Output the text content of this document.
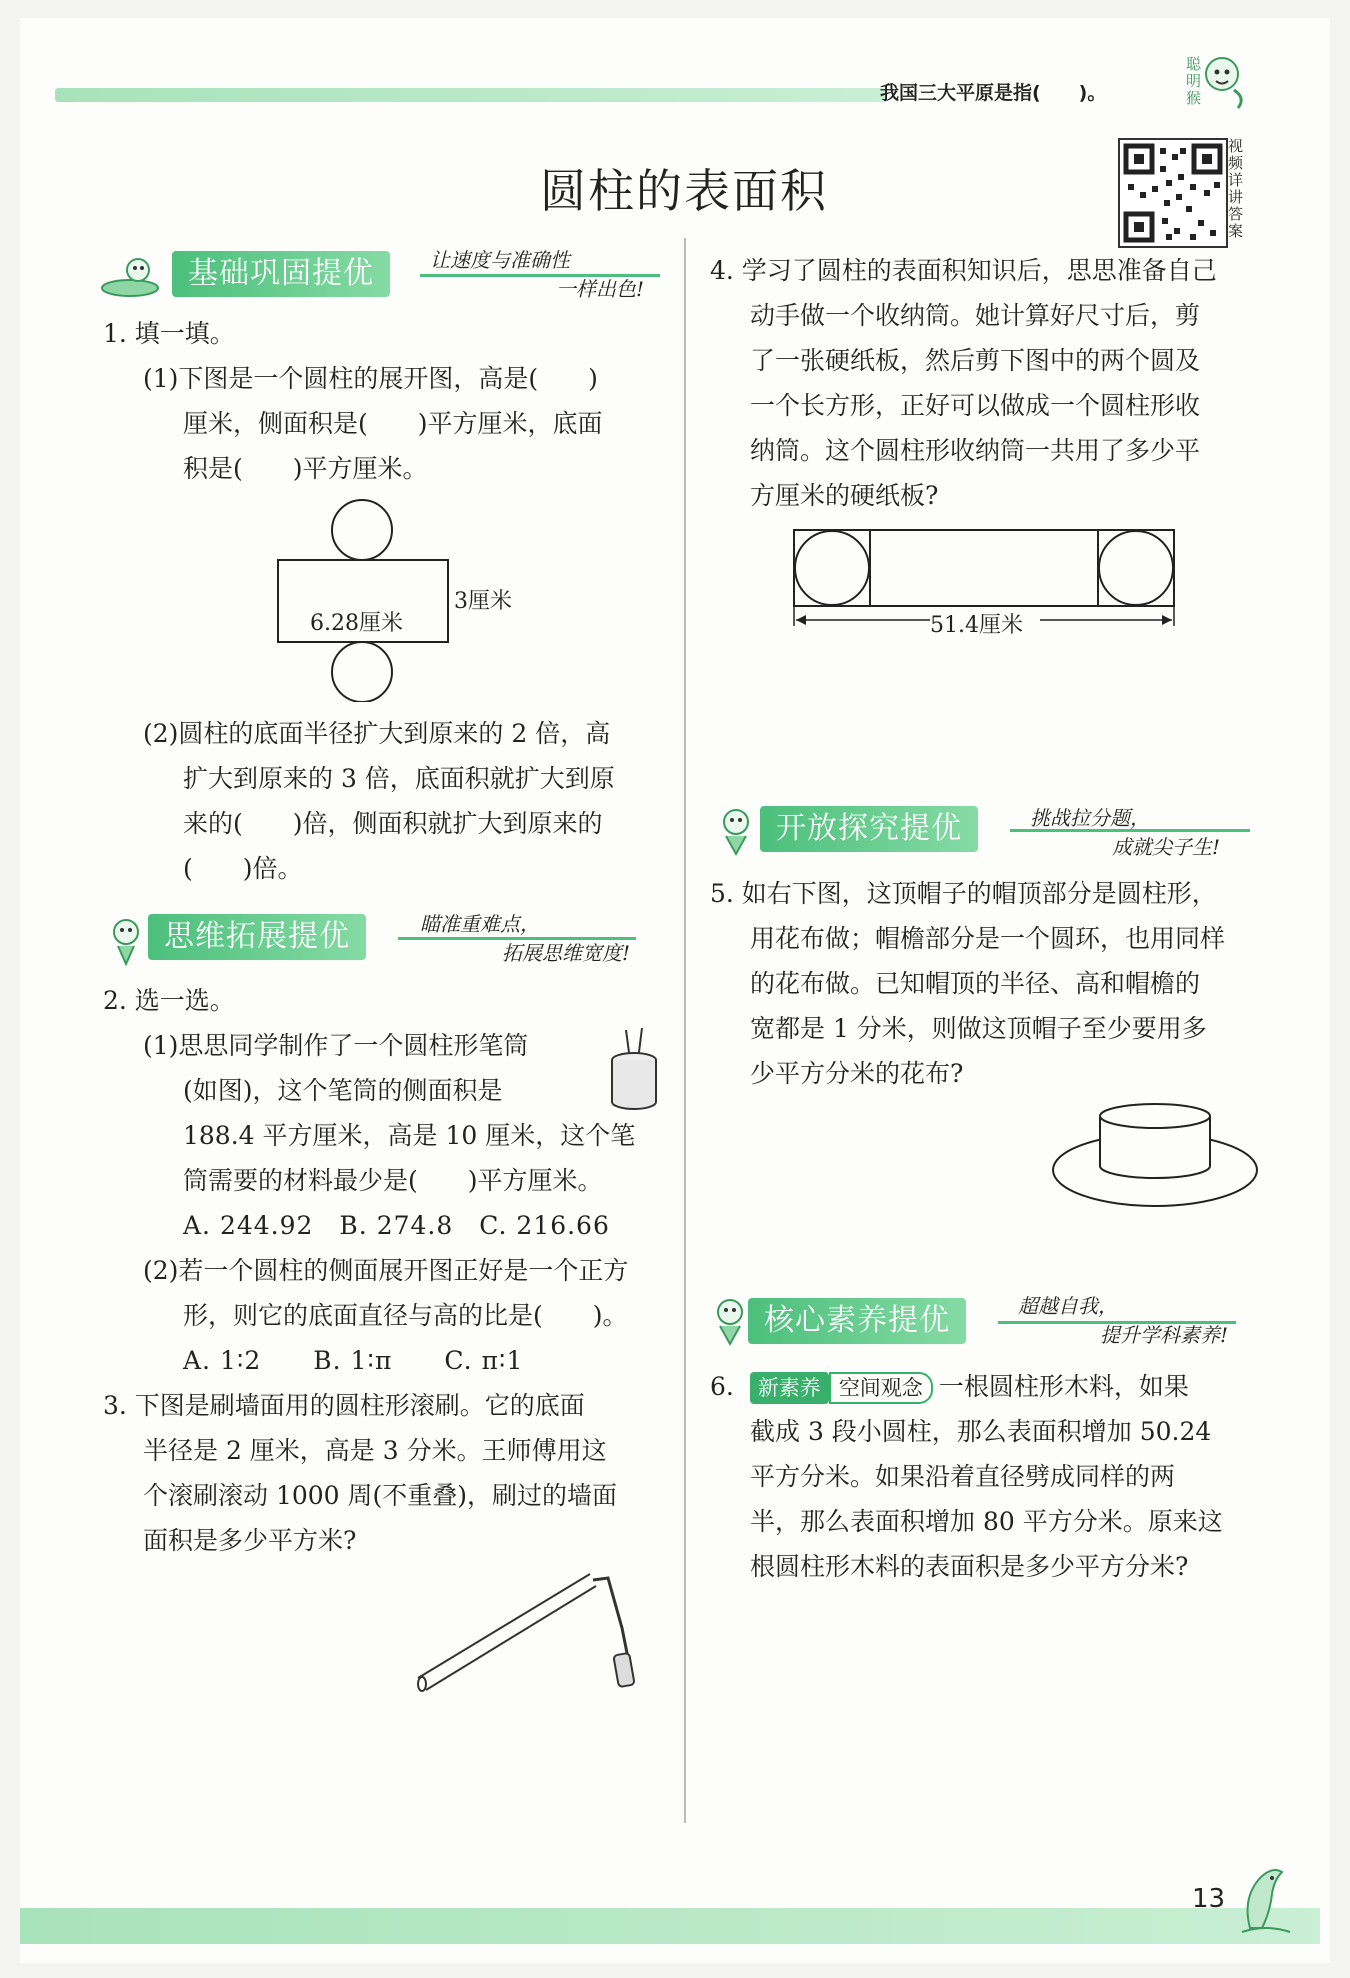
我国三大平原是指(　　)。
聪明猴
圆柱的表面积
视频详讲答案
基础巩固提优	让速度与准确性
一样出色!

1. 填一填。

(1)下图是一个圆柱的展开图，高是(　　)

厘米，侧面积是(　　)平方厘米，底面

积是(　　)平方厘米。

6.28厘米
3厘米

(2)圆柱的底面半径扩大到原来的 2 倍，高

扩大到原来的 3 倍，底面积就扩大到原

来的(　　)倍，侧面积就扩大到原来的

(　　)倍。

思维拓展提优	瞄准重难点，
拓展思维宽度!

2. 选一选。

(1)思思同学制作了一个圆柱形笔筒

(如图)，这个笔筒的侧面积是

188.4 平方厘米，高是 10 厘米，这个笔

筒需要的材料最少是(　　)平方厘米。

A. 244.92　B. 274.8　C. 216.66

(2)若一个圆柱的侧面展开图正好是一个正方

形，则它的底面直径与高的比是(　　)。

A. 1∶2　　B. 1∶π　　C. π∶1

3. 下图是刷墙面用的圆柱形滚刷。它的底面

半径是 2 厘米，高是 3 分米。王师傅用这

个滚刷滚动 1000 周(不重叠)，刷过的墙面

面积是多少平方米?

4. 学习了圆柱的表面积知识后，思思准备自己

动手做一个收纳筒。她计算好尺寸后，剪

了一张硬纸板，然后剪下图中的两个圆及

一个长方形，正好可以做成一个圆柱形收

纳筒。这个圆柱形收纳筒一共用了多少平

方厘米的硬纸板?

51.4厘米
开放探究提优	挑战拉分题，
成就尖子生!

5. 如右下图，这顶帽子的帽顶部分是圆柱形，

用花布做；帽檐部分是一个圆环，也用同样

的花布做。已知帽顶的半径、高和帽檐的

宽都是 1 分米，则做这顶帽子至少要用多

少平方分米的花布?

核心素养提优	超越自我，
提升学科素养!

6. 新素养 空间观念 一根圆柱形木料，如果

截成 3 段小圆柱，那么表面积增加 50.24

平方分米。如果沿着直径劈成同样的两

半，那么表面积增加 80 平方分米。原来这

根圆柱形木料的表面积是多少平方分米?

13
